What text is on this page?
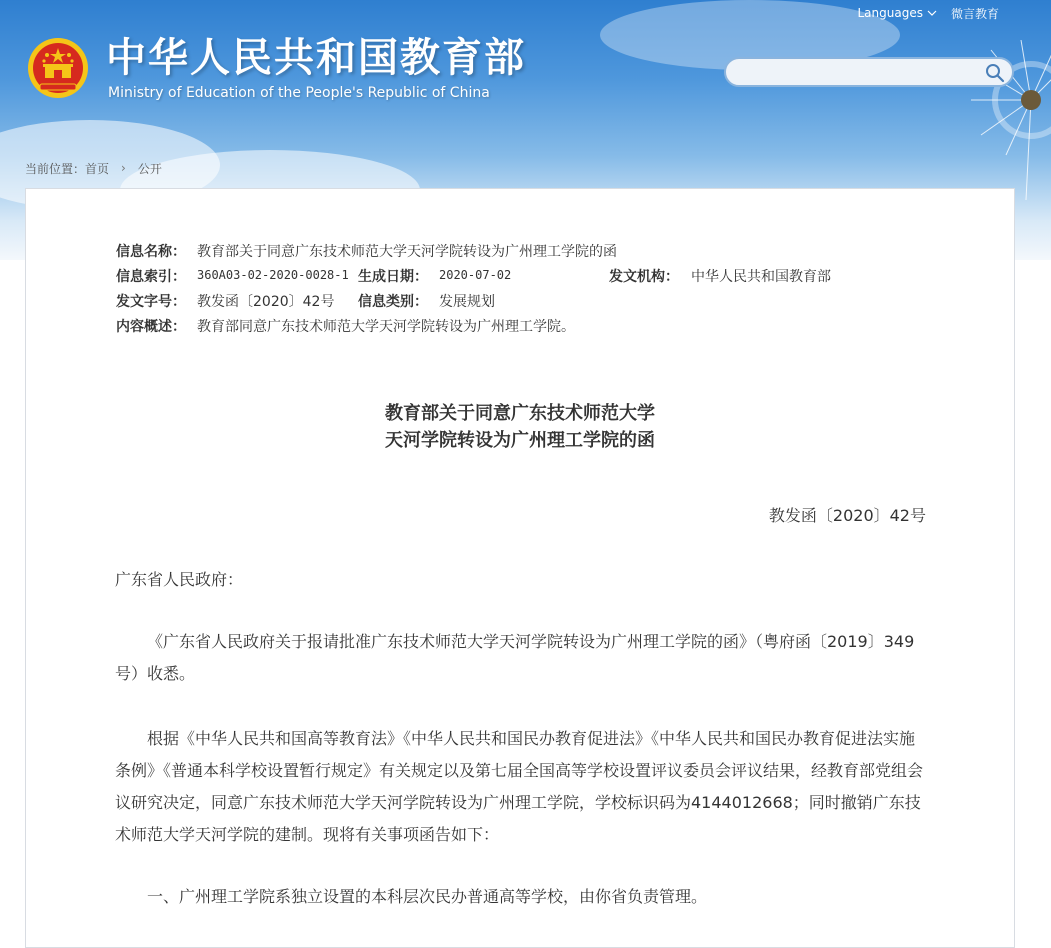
中华人民共和国教育部
Ministry of Education of the People's Republic of China
Languages 微言教育
当前位置： 首页 › 公开
信息名称： 教育部关于同意广东技术师范大学天河学院转设为广州理工学院的函
信息索引： 360A03-02-2020-0028-1 生成日期： 2020-07-02	发文机构： 中华人民共和国教育部
发文字号： 教发函〔2020〕42号 信息类别： 发展规划
内容概述： 教育部同意广东技术师范大学天河学院转设为广州理工学院。
教育部关于同意广东技术师范大学
天河学院转设为广州理工学院的函
教发函〔2020〕42号
广东省人民政府：

《广东省人民政府关于报请批准广东技术师范大学天河学院转设为广州理工学院的函》（粤府函〔2019〕349号）收悉。

根据《中华人民共和国高等教育法》《中华人民共和国民办教育促进法》《中华人民共和国民办教育促进法实施条例》《普通本科学校设置暂行规定》有关规定以及第七届全国高等学校设置评议委员会评议结果，经教育部党组会议研究决定，同意广东技术师范大学天河学院转设为广州理工学院，学校标识码为4144012668；同时撤销广东技术师范大学天河学院的建制。现将有关事项函告如下：

一、广州理工学院系独立设置的本科层次民办普通高等学校，由你省负责管理。
